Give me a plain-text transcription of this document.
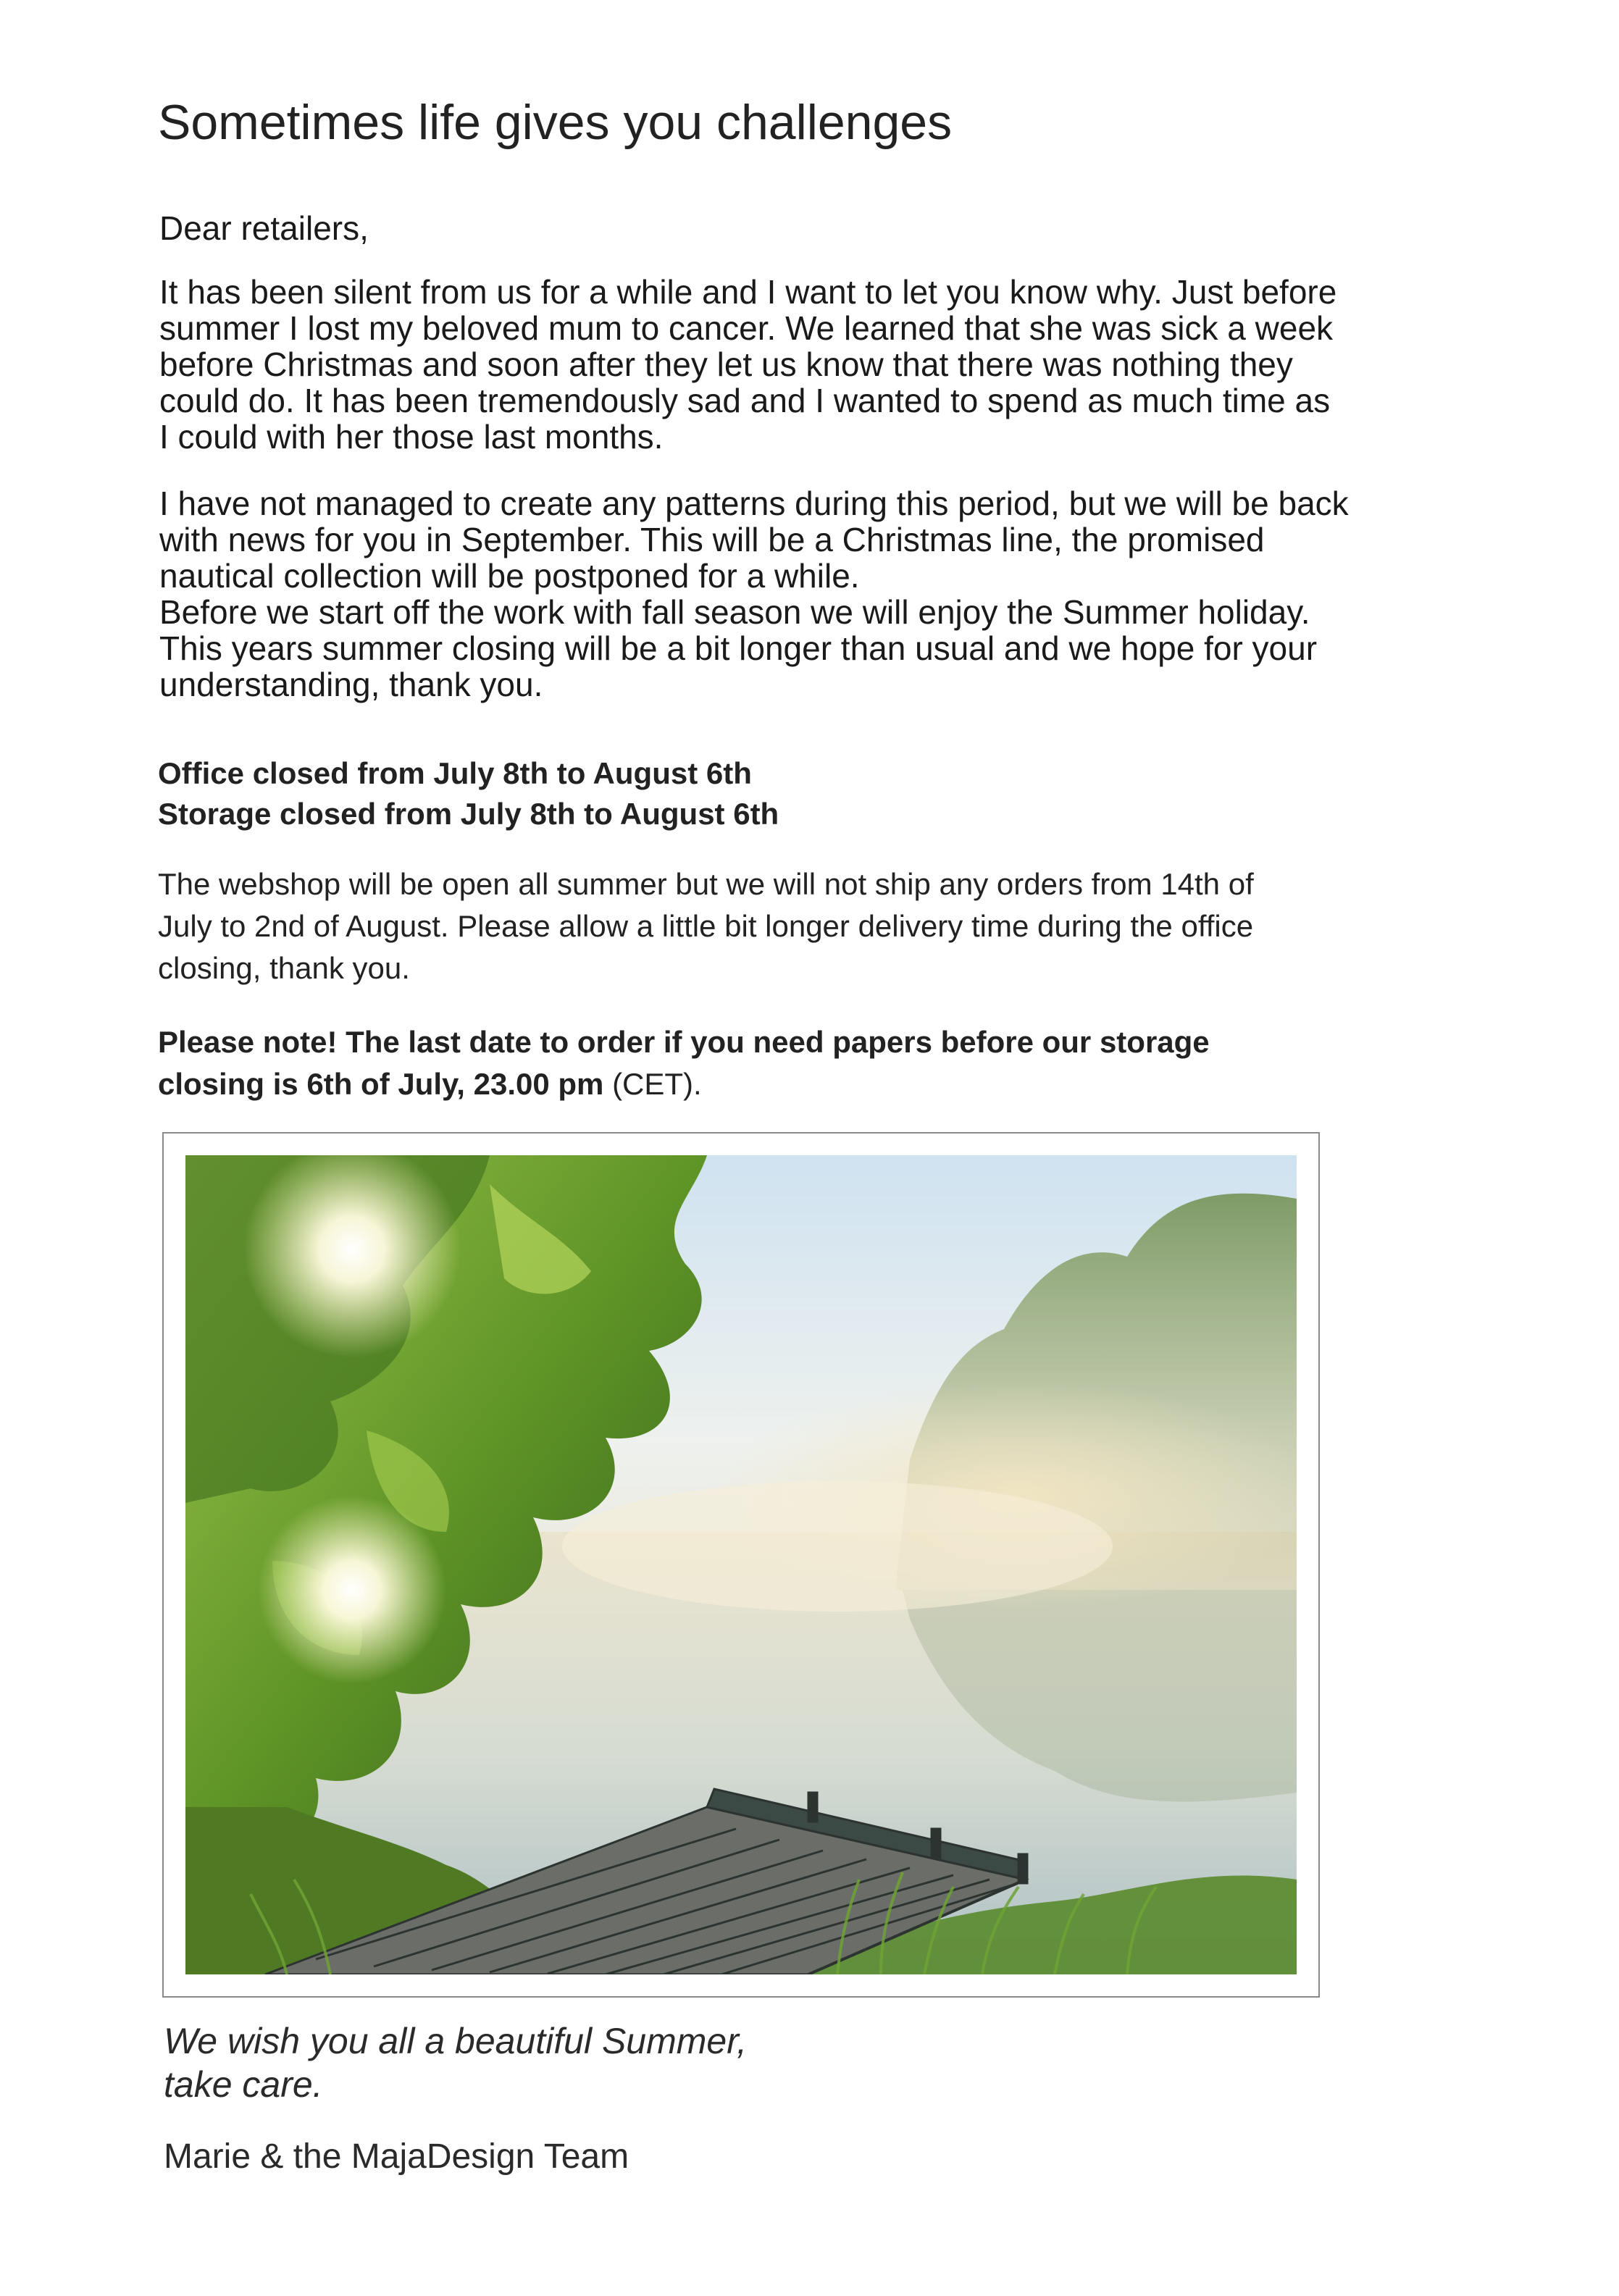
Sometimes life gives you challenges

Dear retailers,

It has been silent from us for a while and I want to let you know why. Just before
summer I lost my beloved mum to cancer. We learned that she was sick a week
before Christmas and soon after they let us know that there was nothing they
could do. It has been tremendously sad and I wanted to spend as much time as
I could with her those last months.

I have not managed to create any patterns during this period, but we will be back
with news for you in September. This will be a Christmas line, the promised
nautical collection will be postponed for a while.
Before we start off the work with fall season we will enjoy the Summer holiday.
This years summer closing will be a bit longer than usual and we hope for your
understanding, thank you.

Office closed from July 8th to August 6th
Storage closed from July 8th to August 6th

The webshop will be open all summer but we will not ship any orders from 14th of
July to 2nd of August. Please allow a little bit longer delivery time during the office
closing, thank you.

Please note! The last date to order if you need papers before our storage
closing is 6th of July, 23.00 pm (CET).

We wish you all a beautiful Summer,
take care.

Marie & the MajaDesign Team
